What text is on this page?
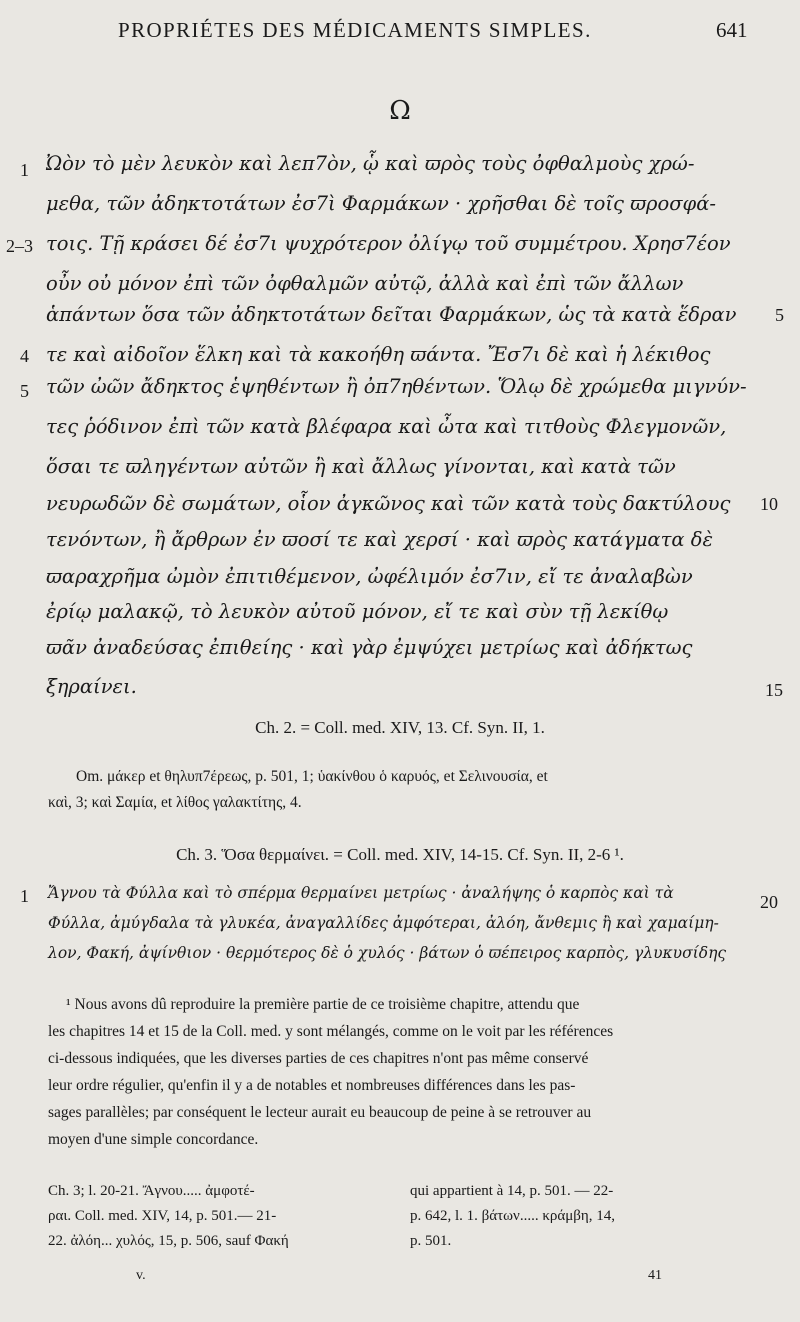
PROPRIÉTES DES MÉDICAMENTS SIMPLES.	641
Ω
Ὠὸν τὸ μὲν λευκὸν καὶ λεπ7ὸν, ᾧ καὶ ϖρὸς τοὺς ὀφθαλμοὺς χρώ-
μεθα, τῶν ἀδηκτοτάτων ἐσ7ὶ Φαρμάκων · χρῆσθαι δὲ τοῖς ϖροσφά-
τοις. Τῇ κράσει δέ ἐσ7ι ψυχρότερον ὀλίγῳ τοῦ συμμέτρου. Χρησ7έον
οὖν οὐ μόνον ἐπὶ τῶν ὀφθαλμῶν αὐτῷ, ἀλλὰ καὶ ἐπὶ τῶν ἄλλων
ἁπάντων ὅσα τῶν ἀδηκτοτάτων δεῖται Φαρμάκων, ὡς τὰ κατὰ ἕδραν
τε καὶ αἰδοῖον ἕλκη καὶ τὰ κακοήθη ϖάντα. Ἔσ7ι δὲ καὶ ἡ λέκιθος
τῶν ὠῶν ἄδηκτος ἑψηθέντων ἢ ὀπ7ηθέντων. Ὅλῳ δὲ χρώμεθα μιγνύν-
τες ῥόδινον ἐπὶ τῶν κατὰ βλέφαρα καὶ ὦτα καὶ τιτθοὺς Φλεγμονῶν,
ὅσαι τε ϖληγέντων αὐτῶν ἢ καὶ ἄλλως γίνονται, καὶ κατὰ τῶν
νευρωδῶν δὲ σωμάτων, οἷον ἀγκῶνος καὶ τῶν κατὰ τοὺς δακτύλους
τενόντων, ἢ ἄρθρων ἐν ϖοσί τε καὶ χερσί · καὶ ϖρὸς κατάγματα δὲ
ϖαραχρῆμα ὠμὸν ἐπιτιθέμενον, ὠφέλιμόν ἐσ7ιν, εἴ τε ἀναλαβὼν
ἐρίῳ μαλακῷ, τὸ λευκὸν αὐτοῦ μόνον, εἴ τε καὶ σὺν τῇ λεκίθῳ
ϖᾶν ἀναδεύσας ἐπιθείης · καὶ γὰρ ἐμψύχει μετρίως καὶ ἀδήκτως
ξηραίνει.
1
2–3
4
5
5
10
15
Ch. 2. = Coll. med. XIV, 13. Cf. Syn. II, 1.
Om. μάκερ et θηλυπ7έρεως, p. 501, 1; ὑακίνθου ὁ καρυός, et Σελινουσία, et
καὶ, 3; καὶ Σαμία, et λίθος γαλακτίτης, 4.
Ch. 3. Ὅσα θερμαίνει. = Coll. med. XIV, 14-15. Cf. Syn. II, 2-6 ¹.
1 Ἄγνου τὰ Φύλλα καὶ τὸ σπέρμα θερμαίνει μετρίως · ἀναλήψης ὁ καρπὸς καὶ τὰ	20
Φύλλα, ἀμύγδαλα τὰ γλυκέα, ἀναγαλλίδες ἀμφότεραι, ἀλόη, ἄνθεμις ἢ καὶ χαμαίμη-
λον, Φακή, ἀψίνθιον · θερμότερος δὲ ὁ χυλός · βάτων ὁ ϖέπειρος καρπὸς, γλυκυσίδης
¹ Nous avons dû reproduire la première partie de ce troisième chapitre, attendu que
les chapitres 14 et 15 de la Coll. med. y sont mélangés, comme on le voit par les références
ci-dessous indiquées, que les diverses parties de ces chapitres n'ont pas même conservé
leur ordre régulier, qu'enfin il y a de notables et nombreuses différences dans les pas-
sages parallèles; par conséquent le lecteur aurait eu beaucoup de peine à se retrouver au
moyen d'une simple concordance.
Ch. 3; l. 20-21. Ἄγνου..... ἀμφοτέ-
ραι. Coll. med. XIV, 14, p. 501.— 21-
22. ἀλόη... χυλός, 15, p. 506, sauf Φακή
qui appartient à 14, p. 501. — 22-
p. 642, l. 1. βάτων..... κράμβη, 14,
p. 501.
v.	41
